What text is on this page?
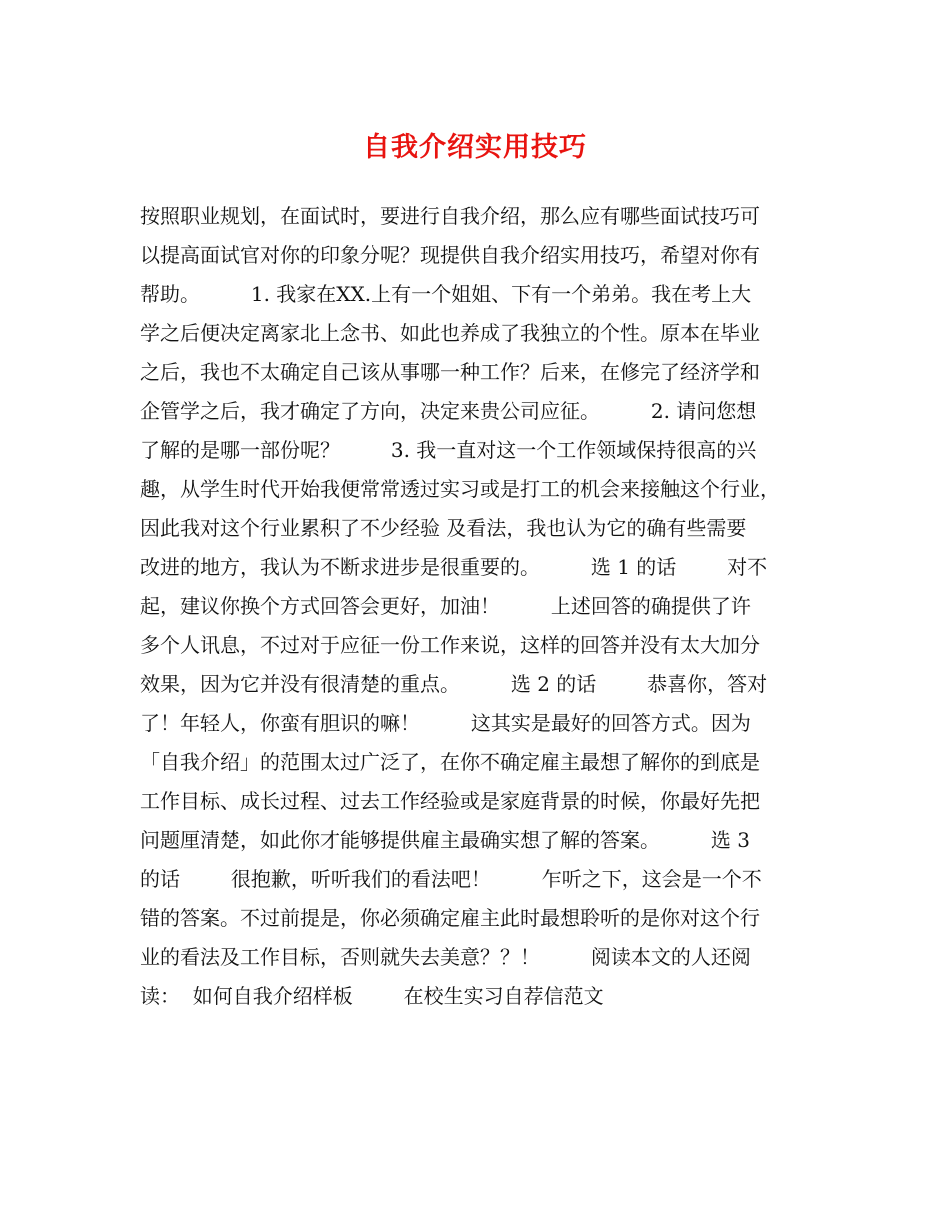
自我介绍实用技巧
按照职业规划，在面试时，要进行自我介绍，那么应有哪些面试技巧可
以提高面试官对你的印象分呢？现提供自我介绍实用技巧，希望对你有
帮助。        1. 我家在XX.上有一个姐姐、下有一个弟弟。我在考上大
学之后便决定离家北上念书、如此也养成了我独立的个性。原本在毕业
之后，我也不太确定自己该从事哪一种工作？后来，在修完了经济学和
企管学之后，我才确定了方向，决定来贵公司应征。        2. 请问您想
了解的是哪一部份呢？        3. 我一直对这一个工作领域保持很高的兴
趣，从学生时代开始我便常常透过实习或是打工的机会来接触这个行业，
因此我对这个行业累积了不少经验 及看法，我也认为它的确有些需要
改进的地方，我认为不断求进步是很重要的。        选 1 的话        对不
起，建议你换个方式回答会更好，加油！        上述回答的确提供了许
多个人讯息，不过对于应征一份工作来说，这样的回答并没有太大加分
效果，因为它并没有很清楚的重点。        选 2 的话        恭喜你，答对
了！年轻人，你蛮有胆识的嘛！        这其实是最好的回答方式。因为
「自我介绍」的范围太过广泛了，在你不确定雇主最想了解你的到底是
工作目标、成长过程、过去工作经验或是家庭背景的时候，你最好先把
问题厘清楚，如此你才能够提供雇主最确实想了解的答案。        选 3
的话        很抱歉，听听我们的看法吧！        乍听之下，这会是一个不
错的答案。不过前提是，你必须确定雇主此时最想聆听的是你对这个行
业的看法及工作目标，否则就失去美意？？！        阅读本文的人还阅
读：  如何自我介绍样板        在校生实习自荐信范文
